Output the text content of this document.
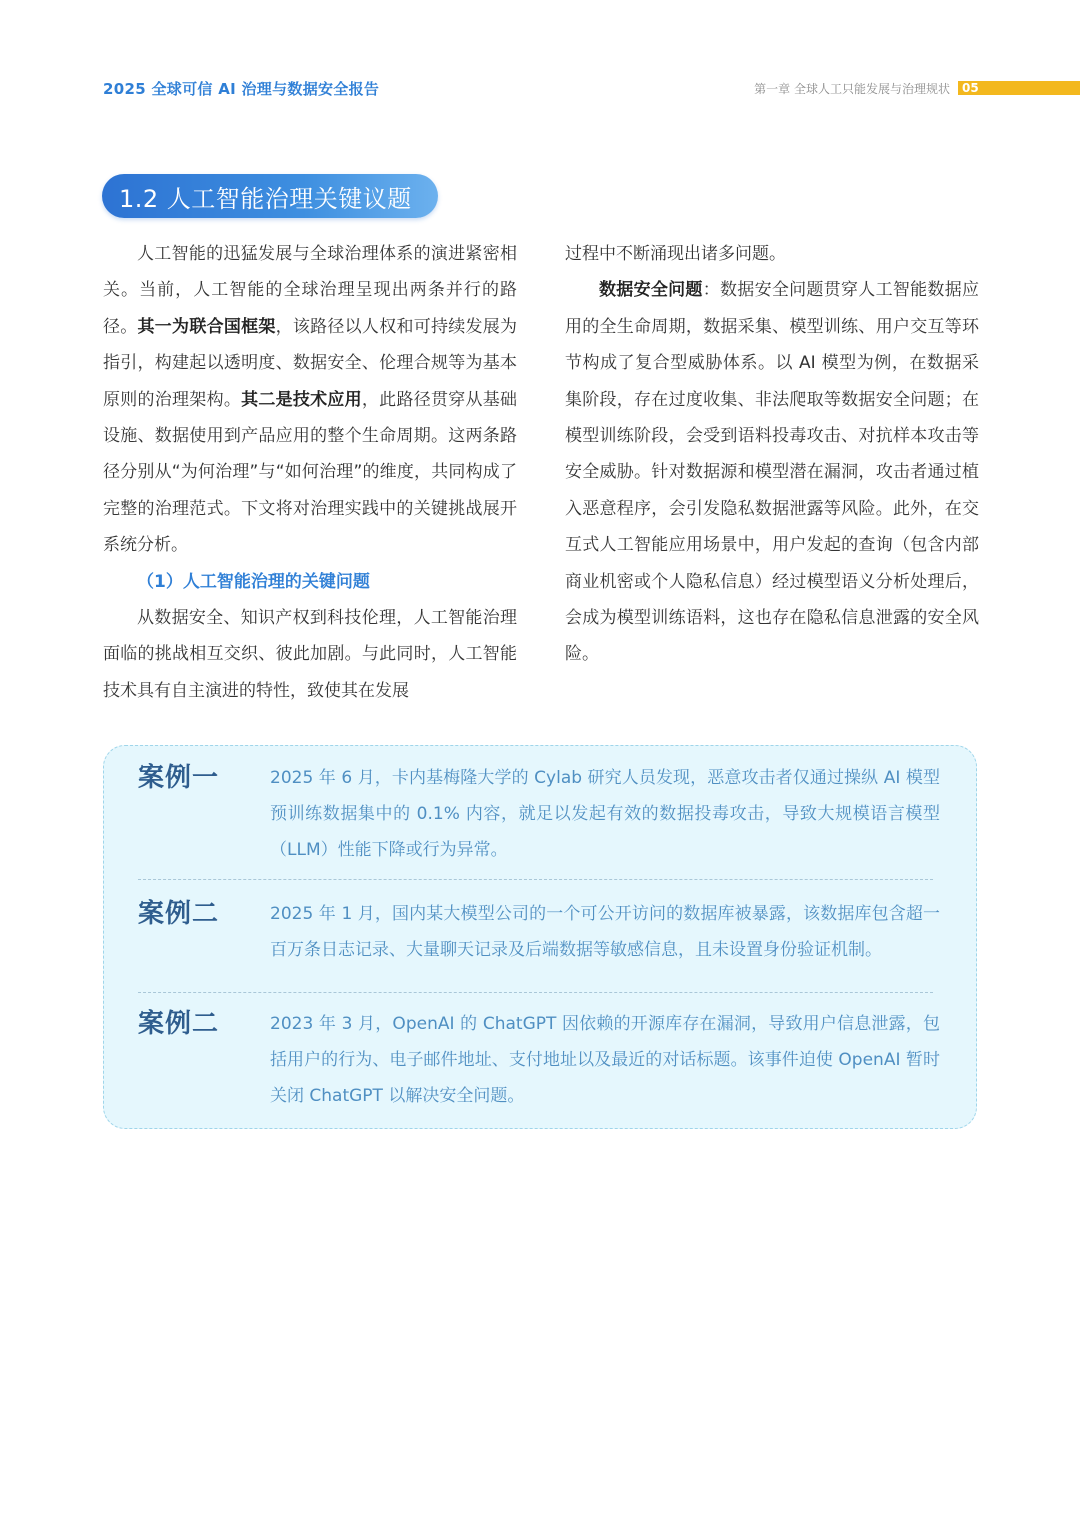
2025 全球可信 AI 治理与数据安全报告	第一章 全球人工只能发展与治理规状 05
1.2 人工智能治理关键议题

人工智能的迅猛发展与全球治理体系的演进紧密相关。当前，人工智能的全球治理呈现出两条并行的路径。其一为联合国框架，该路径以人权和可持续发展为指引，构建起以透明度、数据安全、伦理合规等为基本原则的治理架构。其二是技术应用，此路径贯穿从基础设施、数据使用到产品应用的整个生命周期。这两条路径分别从“为何治理”与“如何治理”的维度，共同构成了完整的治理范式。下文将对治理实践中的关键挑战展开系统分析。

（1）人工智能治理的关键问题

从数据安全、知识产权到科技伦理，人工智能治理面临的挑战相互交织、彼此加剧。与此同时，人工智能技术具有自主演进的特性，致使其在发展

过程中不断涌现出诸多问题。

数据安全问题：数据安全问题贯穿人工智能数据应用的全生命周期，数据采集、模型训练、用户交互等环节构成了复合型威胁体系。以 AI 模型为例，在数据采集阶段，存在过度收集、非法爬取等数据安全问题；在模型训练阶段，会受到语料投毒攻击、对抗样本攻击等安全威胁。针对数据源和模型潜在漏洞，攻击者通过植入恶意程序，会引发隐私数据泄露等风险。此外，在交互式人工智能应用场景中，用户发起的查询（包含内部商业机密或个人隐私信息）经过模型语义分析处理后，会成为模型训练语料，这也存在隐私信息泄露的安全风险。

案例一	2025 年 6 月，卡内基梅隆大学的 Cylab 研究人员发现，恶意攻击者仅通过操纵 AI 模型预训练数据集中的 0.1% 内容，就足以发起有效的数据投毒攻击，导致大规模语言模型（LLM）性能下降或行为异常。
案例二	2025 年 1 月，国内某大模型公司的一个可公开访问的数据库被暴露，该数据库包含超一百万条日志记录、大量聊天记录及后端数据等敏感信息，且未设置身份验证机制。
案例二	2023 年 3 月，OpenAI 的 ChatGPT 因依赖的开源库存在漏洞，导致用户信息泄露，包括用户的行为、电子邮件地址、支付地址以及最近的对话标题。该事件迫使 OpenAI 暂时关闭 ChatGPT 以解决安全问题。
